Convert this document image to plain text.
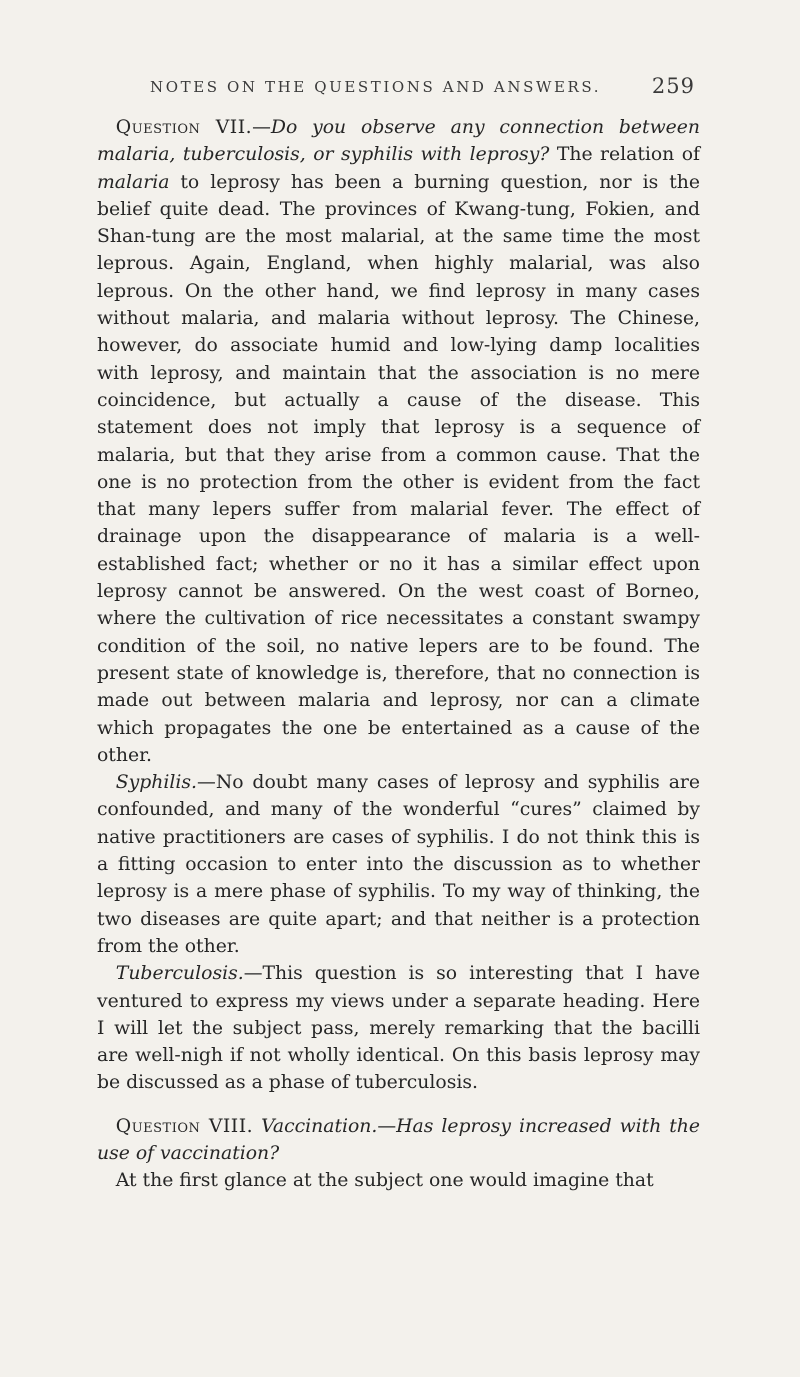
NOTES ON THE QUESTIONS AND ANSWERS. 259

Question VII.—Do you observe any connection between malaria, tuberculosis, or syphilis with leprosy? The relation of malaria to leprosy has been a burning question, nor is the belief quite dead. The provinces of Kwang-tung, Fokien, and Shan-tung are the most malarial, at the same time the most leprous. Again, England, when highly malarial, was also leprous. On the other hand, we find leprosy in many cases without malaria, and malaria without leprosy. The Chinese, however, do associate humid and low-lying damp localities with leprosy, and maintain that the association is no mere coincidence, but actually a cause of the disease. This statement does not imply that leprosy is a sequence of malaria, but that they arise from a common cause. That the one is no protection from the other is evident from the fact that many lepers suffer from malarial fever. The effect of drainage upon the disappearance of malaria is a well-established fact; whether or no it has a similar effect upon leprosy cannot be answered. On the west coast of Borneo, where the cultivation of rice necessitates a constant swampy condition of the soil, no native lepers are to be found. The present state of knowledge is, therefore, that no connection is made out between malaria and leprosy, nor can a climate which propagates the one be entertained as a cause of the other.

Syphilis.—No doubt many cases of leprosy and syphilis are confounded, and many of the wonderful “cures” claimed by native practitioners are cases of syphilis. I do not think this is a fitting occasion to enter into the discussion as to whether leprosy is a mere phase of syphilis. To my way of thinking, the two diseases are quite apart; and that neither is a protection from the other.

Tuberculosis.—This question is so interesting that I have ventured to express my views under a separate heading. Here I will let the subject pass, merely remarking that the bacilli are well-nigh if not wholly identical. On this basis leprosy may be discussed as a phase of tuberculosis.

Question VIII. Vaccination.—Has leprosy increased with the use of vaccination?

At the first glance at the subject one would imagine that
